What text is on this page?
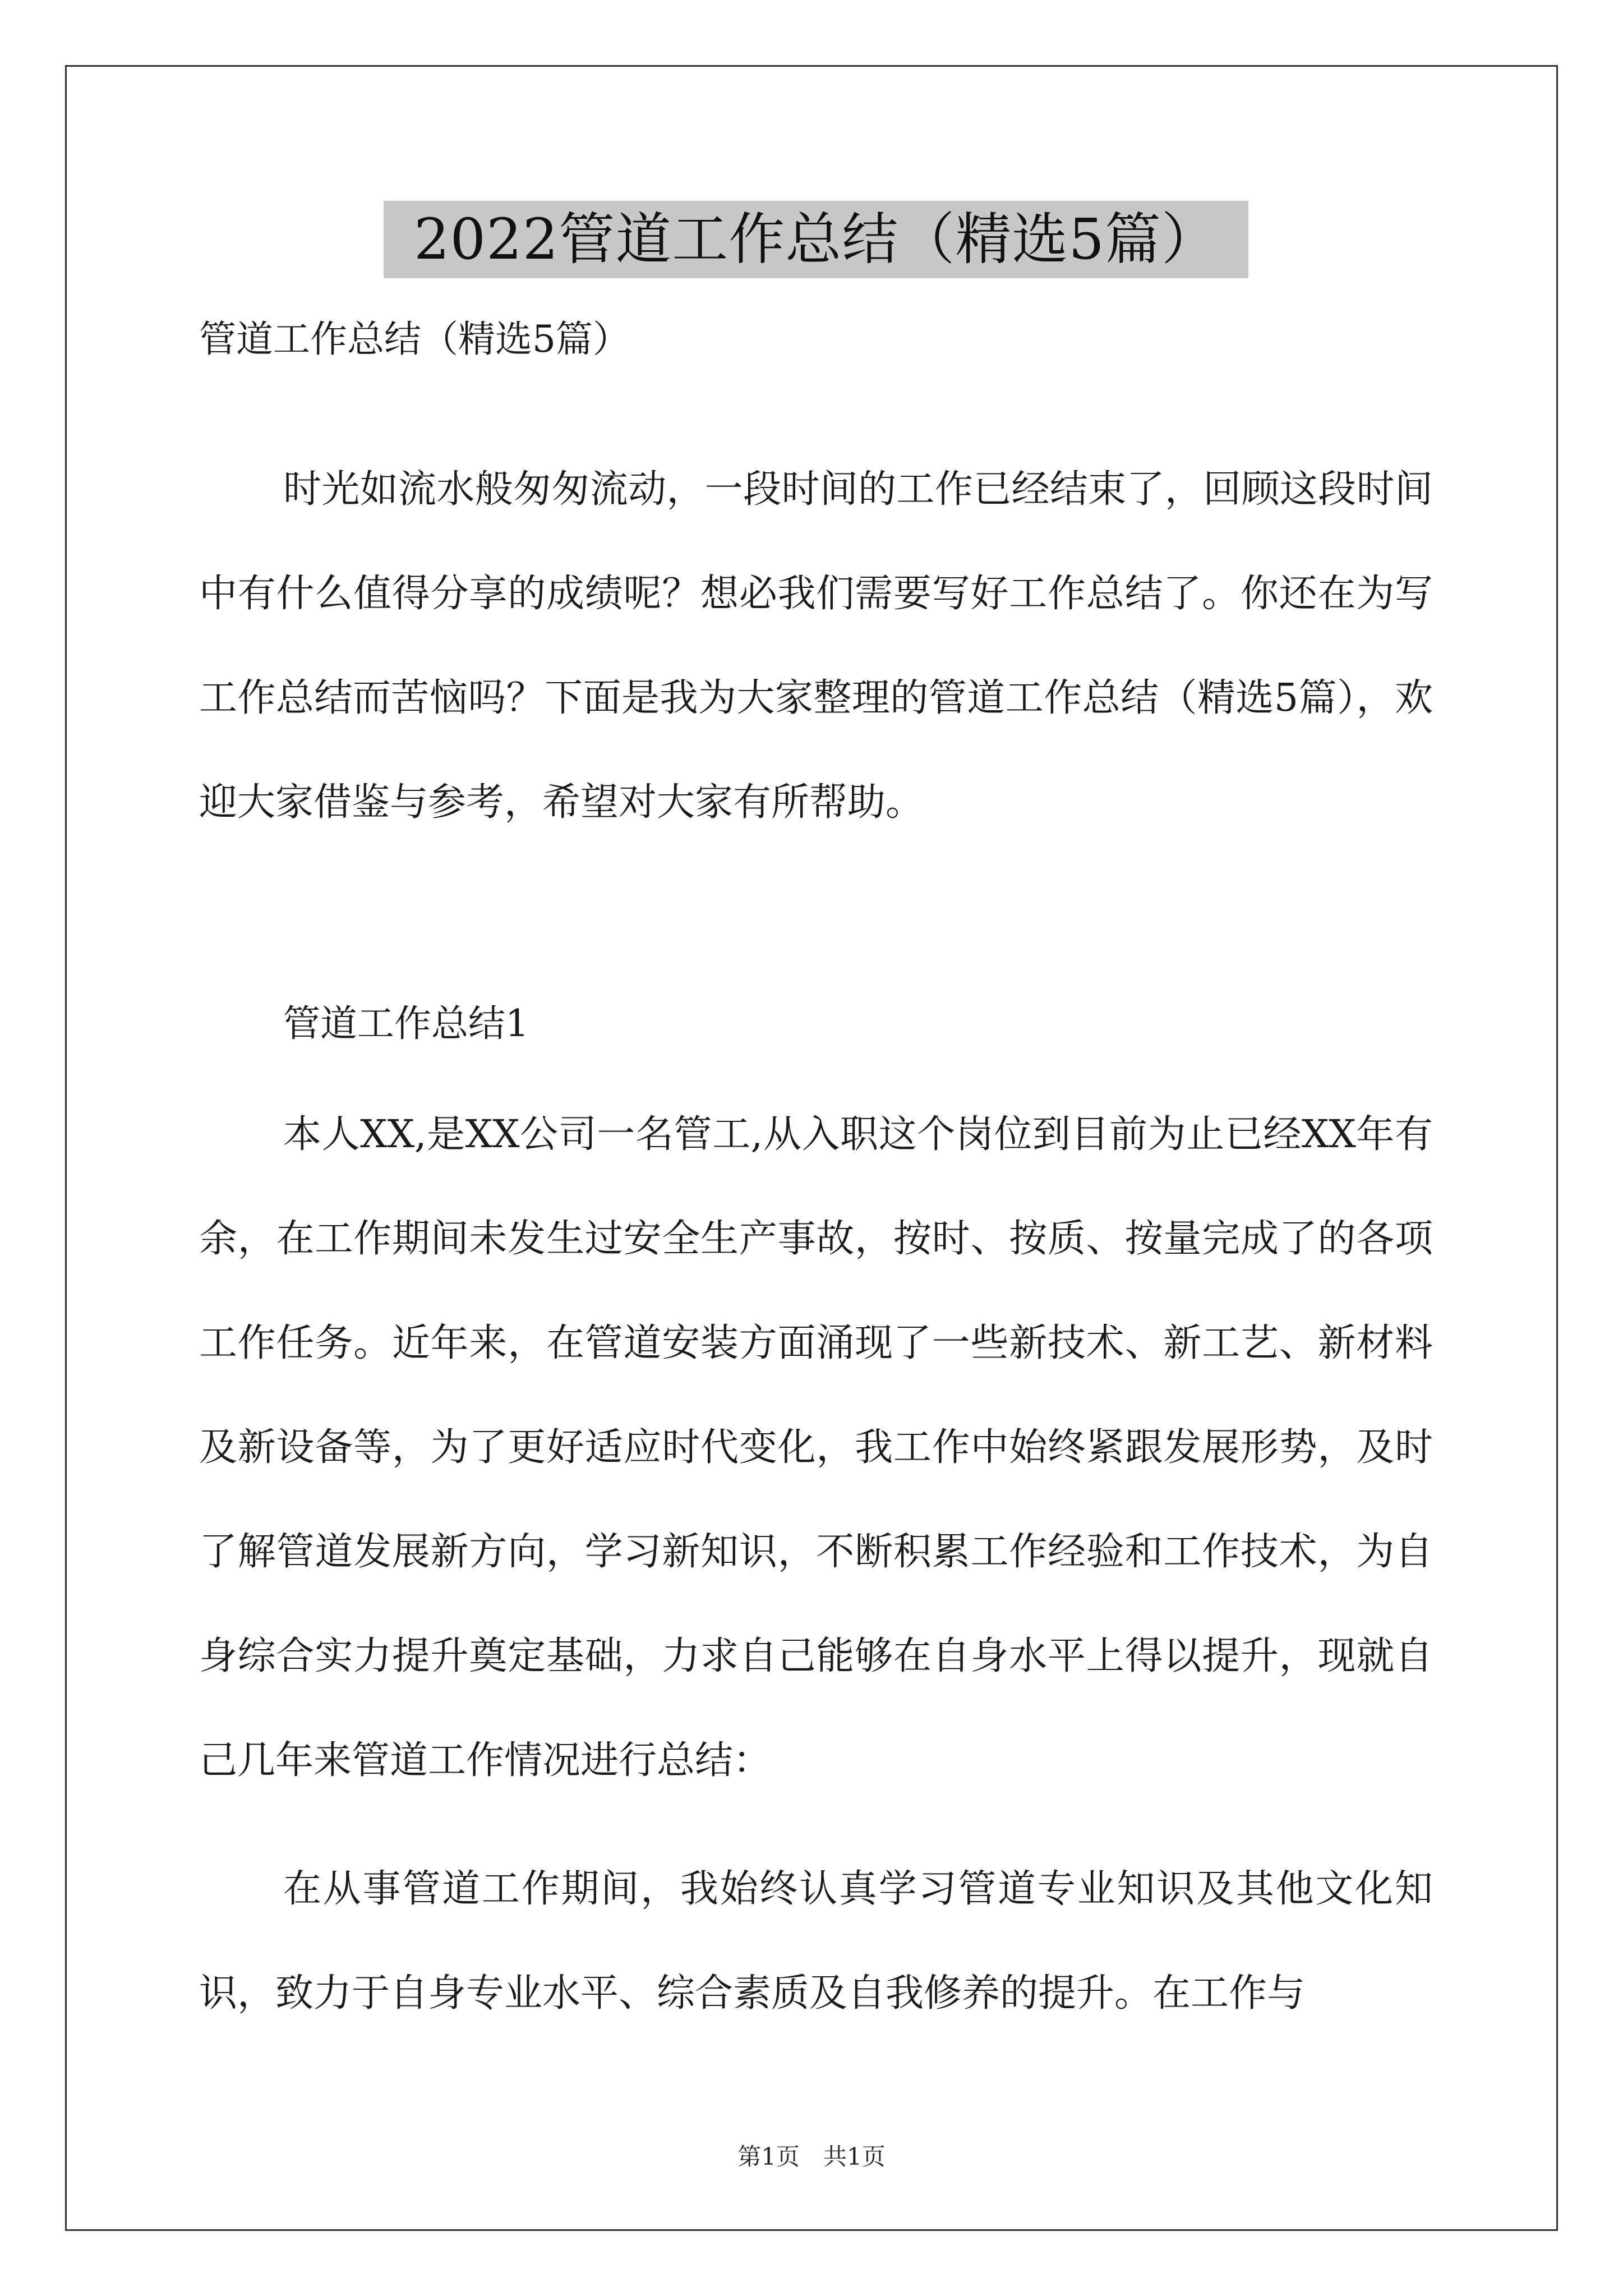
2022管道工作总结（精选5篇）
管道工作总结（精选5篇）
时光如流水般匆匆流动，一段时间的工作已经结束了，回顾这段时间中有什么值得分享的成绩呢？想必我们需要写好工作总结了。你还在为写工作总结而苦恼吗？下面是我为大家整理的管道工作总结（精选5篇），欢迎大家借鉴与参考，希望对大家有所帮助。
管道工作总结1
本人XX,是XX公司一名管工,从入职这个岗位到目前为止已经XX年有余，在工作期间未发生过安全生产事故，按时、按质、按量完成了的各项工作任务。近年来，在管道安装方面涌现了一些新技术、新工艺、新材料及新设备等，为了更好适应时代变化，我工作中始终紧跟发展形势，及时了解管道发展新方向，学习新知识，不断积累工作经验和工作技术，为自身综合实力提升奠定基础，力求自己能够在自身水平上得以提升，现就自己几年来管道工作情况进行总结：
在从事管道工作期间，我始终认真学习管道专业知识及其他文化知识，致力于自身专业水平、综合素质及自我修养的提升。在工作与
第1页　共1页
